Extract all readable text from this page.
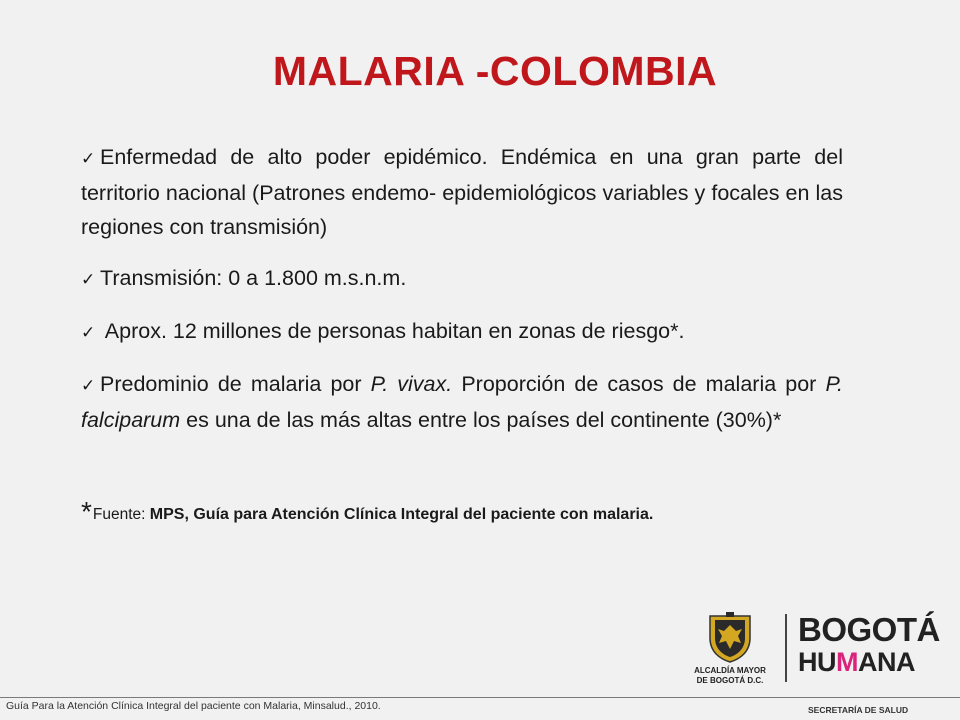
MALARIA -COLOMBIA

✓ Enfermedad de alto poder epidémico. Endémica en una gran parte del territorio nacional (Patrones endemo- epidemiológicos variables y focales en las regiones con transmisión)

✓ Transmisión: 0 a 1.800 m.s.n.m.

✓ Aprox. 12 millones de personas habitan en zonas de riesgo*.

✓ Predominio de malaria por P. vivax. Proporción de casos de malaria por P. falciparum es una de las más altas entre los países del continente (30%)*

*Fuente: MPS, Guía para Atención Clínica Integral del paciente con malaria.
ALCALDÍA MAYOR
DE BOGOTÁ D.C.
BOGOTÁ
HUMANA
Guía Para la Atención Clínica Integral del paciente con Malaria, Minsalud., 2010.	SECRETARÍA DE SALUD
